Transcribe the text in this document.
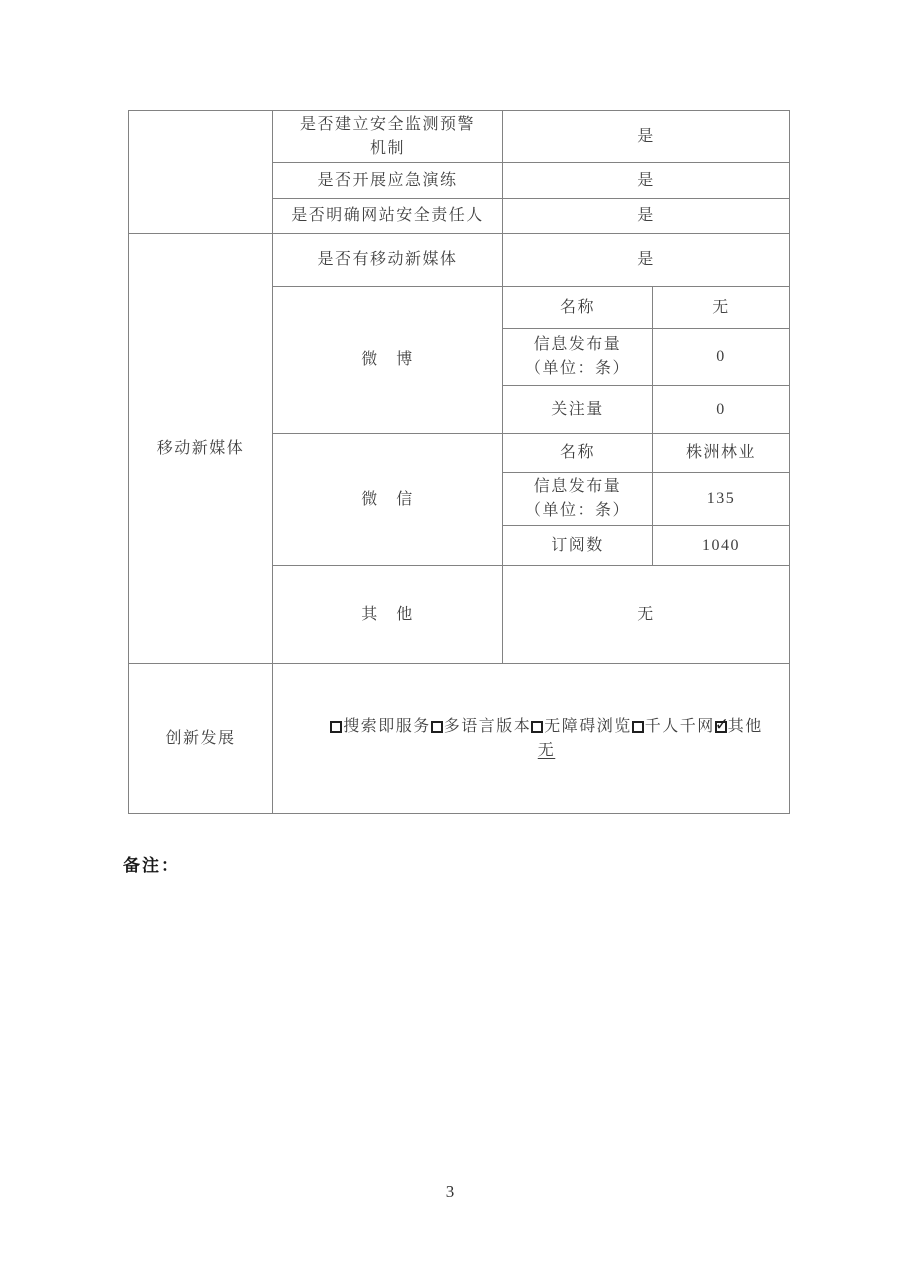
	是否建立安全监测预警
机制	是	
	是否开展应急演练	是	
	是否明确网站安全责任人	是	
移动新媒体	是否有移动新媒体	是	
	微　博	名称	无

		信息发布量
（单位：条）	0
		关注量	0
	微　信	名称	株洲林业

		信息发布量
（单位：条）	135
		订阅数	1040
	其　他	无	
创新发展	搜索即服务 多语言版本 无障碍浏览 千人千网 ✓ 其他
无
备注：
3
